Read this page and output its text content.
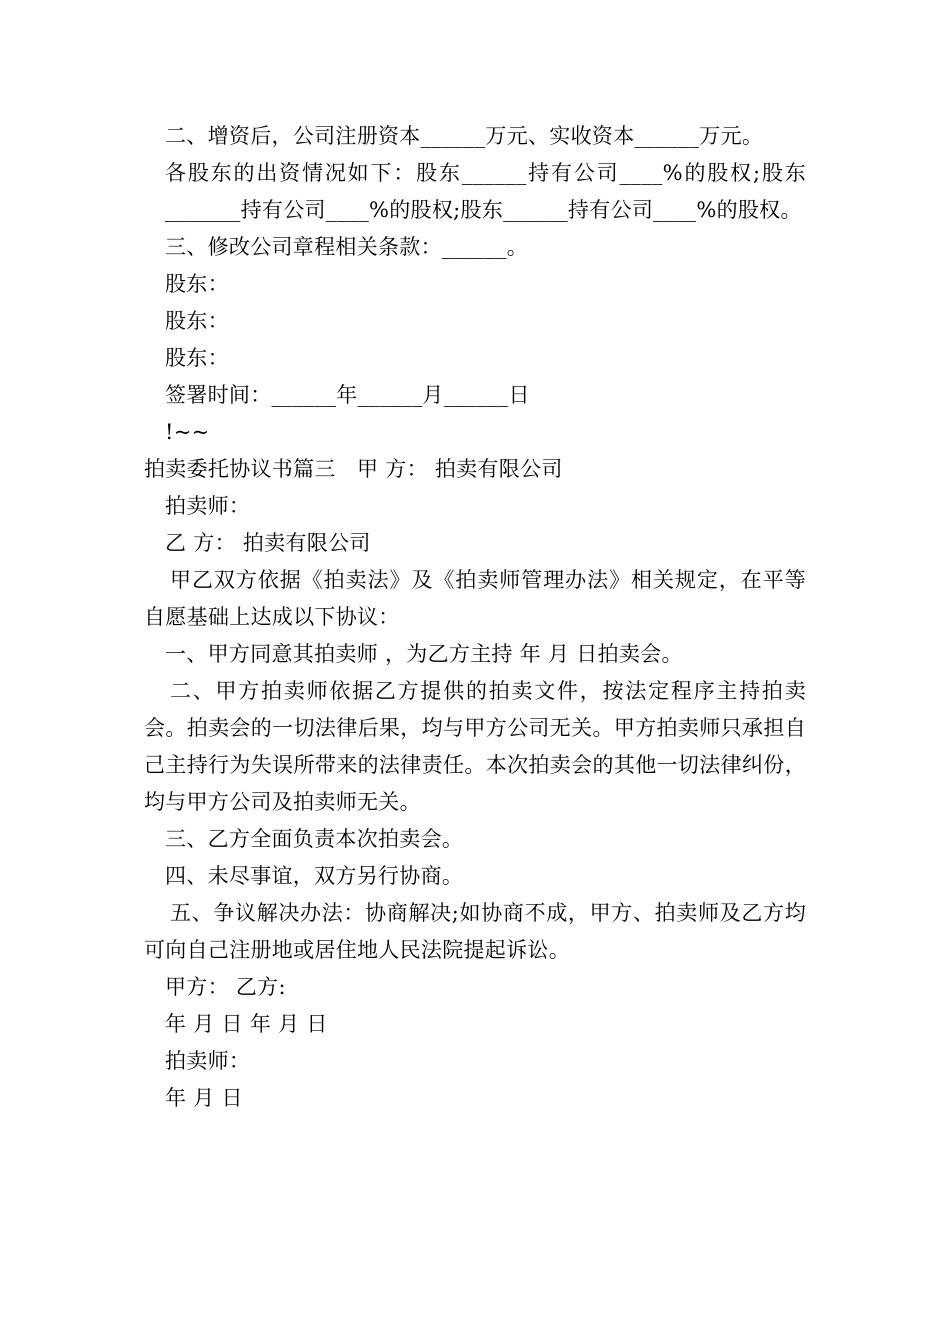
二、增资后，公司注册资本______万元、实收资本______万元。
各股东的出资情况如下：股东______持有公司____%的股权;股东_______持有公司____%的股权;股东______持有公司____%的股权。
三、修改公司章程相关条款：______。
股东：
股东：
股东：
签署时间：______年______月______日
!~~
拍卖委托协议书篇三　甲 方： 拍卖有限公司
拍卖师：
乙 方： 拍卖有限公司
甲乙双方依据《拍卖法》及《拍卖师管理办法》相关规定，在平等自愿基础上达成以下协议：
一、甲方同意其拍卖师 ，为乙方主持 年 月 日拍卖会。
二、甲方拍卖师依据乙方提供的拍卖文件，按法定程序主持拍卖会。拍卖会的一切法律后果，均与甲方公司无关。甲方拍卖师只承担自己主持行为失误所带来的法律责任。本次拍卖会的其他一切法律纠份，均与甲方公司及拍卖师无关。
三、乙方全面负责本次拍卖会。
四、未尽事谊，双方另行协商。
五、争议解决办法：协商解决;如协商不成，甲方、拍卖师及乙方均可向自己注册地或居住地人民法院提起诉讼。
甲方： 乙方:
年 月 日 年 月 日
拍卖师：
年 月 日
